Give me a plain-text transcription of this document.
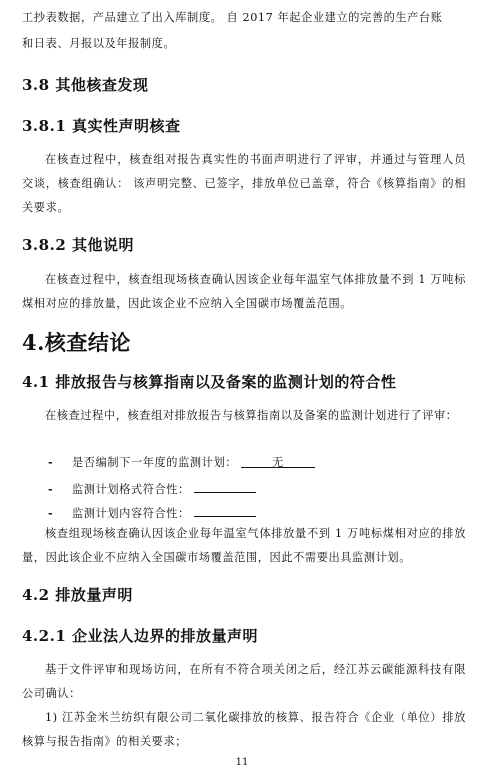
工抄表数据，产品建立了出入库制度。 自 2017 年起企业建立的完善的生产台账

和日表、月报以及年报制度。

3.8 其他核查发现
3.8.1 真实性声明核查

在核查过程中，核查组对报告真实性的书面声明进行了评审，并通过与管理人员交谈，核查组确认： 该声明完整、已签字，排放单位已盖章，符合《核算指南》的相关要求。

3.8.2 其他说明

在核查过程中，核查组现场核查确认因该企业每年温室气体排放量不到 1 万吨标煤相对应的排放量，因此该企业不应纳入全国碳市场覆盖范围。

4.核查结论
4.1 排放报告与核算指南以及备案的监测计划的符合性

在核查过程中，核查组对排放报告与核算指南以及备案的监测计划进行了评审：

-	是否编制下一年度的监测计划：	无
-	监测计划格式符合性：
-	监测计划内容符合性：

核查组现场核查确认因该企业每年温室气体排放量不到 1 万吨标煤相对应的排放量，因此该企业不应纳入全国碳市场覆盖范围，因此不需要出具监测计划。

4.2 排放量声明
4.2.1 企业法人边界的排放量声明

基于文件评审和现场访问，在所有不符合项关闭之后，经江苏云碳能源科技有限公司确认：

1) 江苏金米兰纺织有限公司二氧化碳排放的核算、报告符合《企业（单位）排放核算与报告指南》的相关要求；

11
